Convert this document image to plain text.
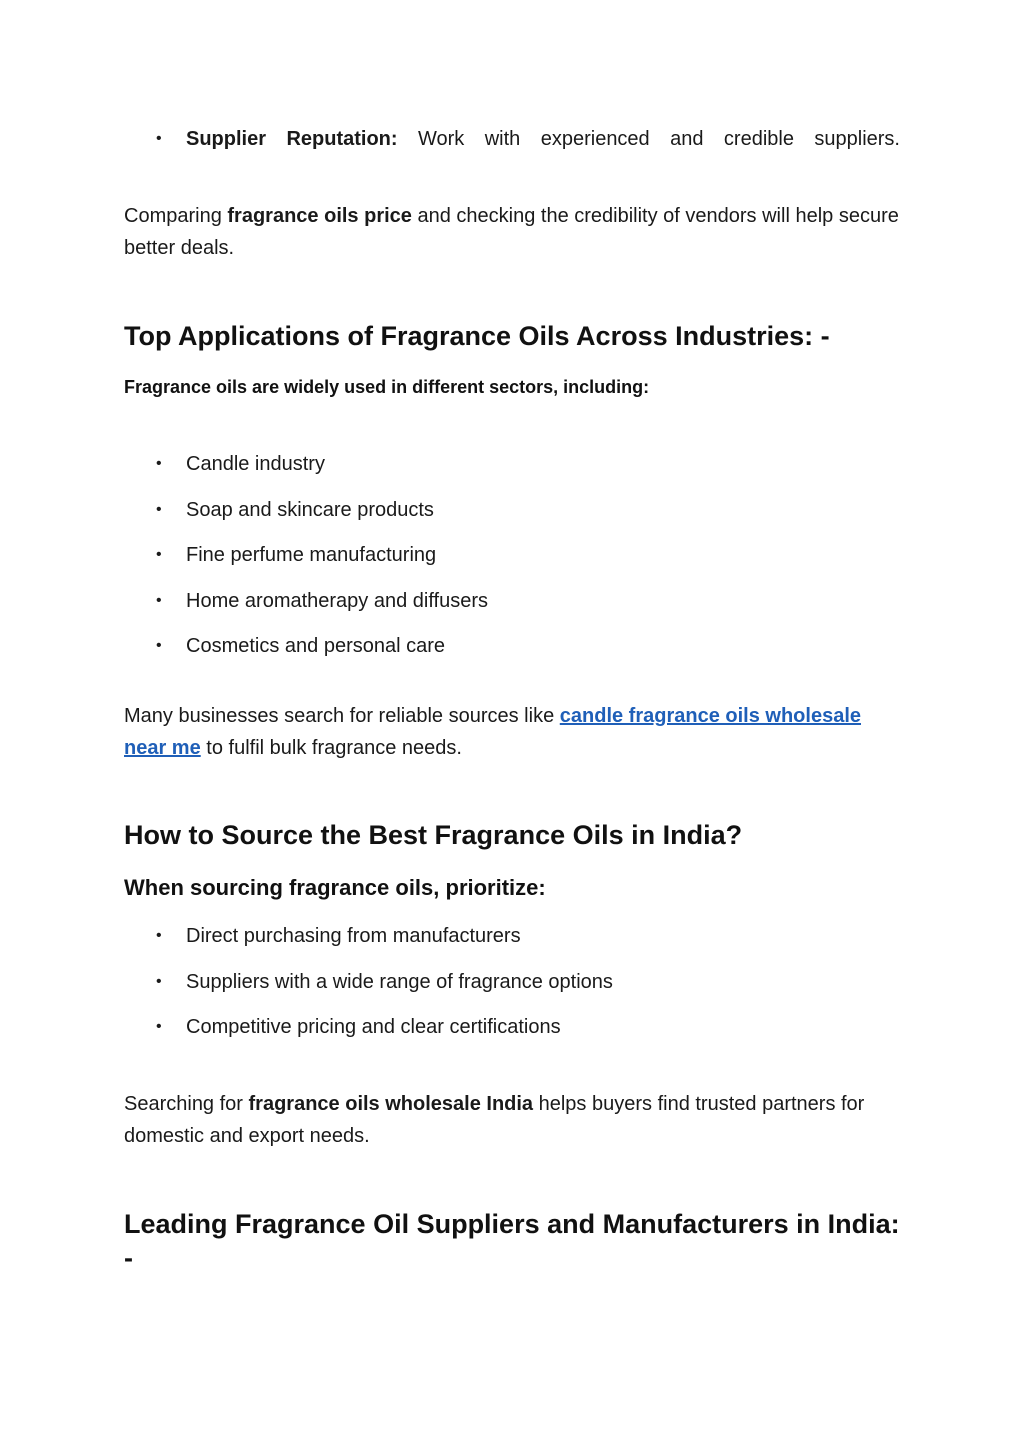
• Supplier Reputation: Work with experienced and credible suppliers.
Comparing fragrance oils price and checking the credibility of vendors will help secure better deals.
Top Applications of Fragrance Oils Across Industries: -
Fragrance oils are widely used in different sectors, including:
• Candle industry
• Soap and skincare products
• Fine perfume manufacturing
• Home aromatherapy and diffusers
• Cosmetics and personal care
Many businesses search for reliable sources like candle fragrance oils wholesale near me to fulfil bulk fragrance needs.
How to Source the Best Fragrance Oils in India?
When sourcing fragrance oils, prioritize:
• Direct purchasing from manufacturers
• Suppliers with a wide range of fragrance options
• Competitive pricing and clear certifications
Searching for fragrance oils wholesale India helps buyers find trusted partners for domestic and export needs.
Leading Fragrance Oil Suppliers and Manufacturers in India: -
